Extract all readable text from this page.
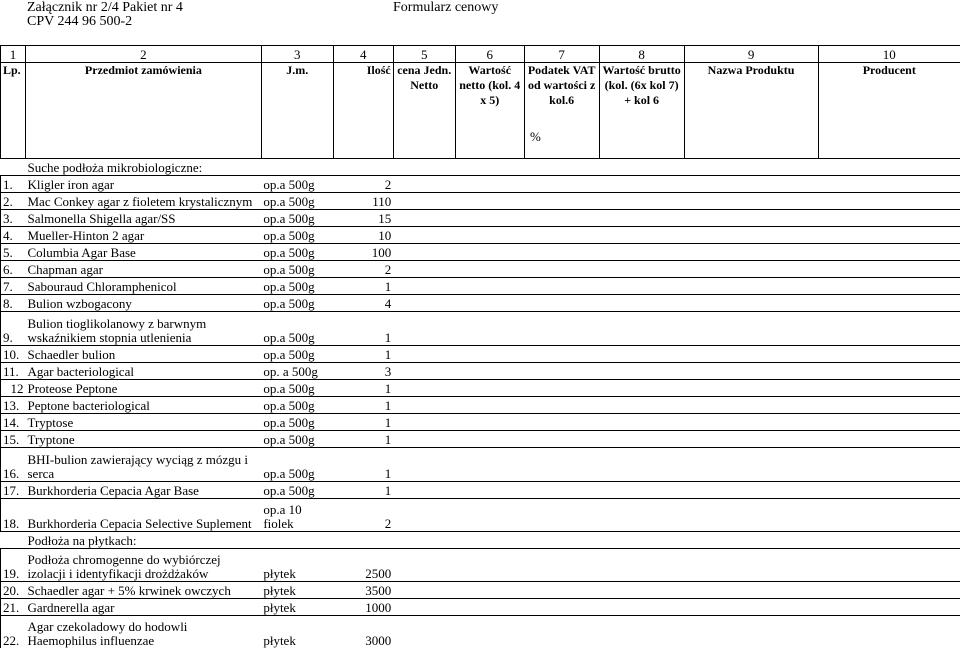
Załącznik nr 2/4 Pakiet nr 4
CPV 244 96 500-2
Formularz cenowy
1	2	3	4	5	6	7	8	9	10
Lp.	Przedmiot zamówienia	J.m.	Ilość	cena Jedn. Netto	Wartość netto (kol. 4 x 5)	Podatek VAT od wartości z kol.6	Wartość brutto (kol. (6x kol 7) + kol 6	Nazwa Produktu	Producent
Suche podłoża mikrobiologiczne:									
1.	Kligler iron agar	op.a 500g	2						
2.	Mac Conkey agar z fioletem krystalicznym	op.a 500g	110						
3.	Salmonella Shigella agar/SS	op.a 500g	15						
4.	Mueller-Hinton 2 agar	op.a 500g	10						
5.	Columbia Agar Base	op.a 500g	100						
6.	Chapman agar	op.a 500g	2						
7.	Sabouraud Chloramphenicol	op.a 500g	1						
8.	Bulion wzbogacony	op.a 500g	4						
9.	Bulion tioglikolanowy z barwnym wskaźnikiem stopnia utlenienia	op.a 500g	1						
10.	Schaedler bulion	op.a 500g	1						
11.	Agar bacteriological	op. a 500g	3						
12	Proteose Peptone	op.a 500g	1						
13.	Peptone bacteriological	op.a 500g	1						
14.	Tryptose	op.a 500g	1						
15.	Tryptone	op.a 500g	1						
16.	BHI-bulion zawierający wyciąg z mózgu i serca	op.a 500g	1						
17.	Burkhorderia Cepacia Agar Base	op.a 500g	1						
18.	Burkhorderia Cepacia Selective Suplement	op.a 10 fiolek	2						
Podłoża na płytkach:									
19.	Podłoża chromogenne do wybiórczej izolacji i identyfikacji drożdżaków	płytek	2500						
20.	Schaedler agar + 5% krwinek owczych	płytek	3500						
21.	Gardnerella agar	płytek	1000						
22.	Agar czekoladowy do hodowli Haemophilus influenzae	płytek	3000						
%
